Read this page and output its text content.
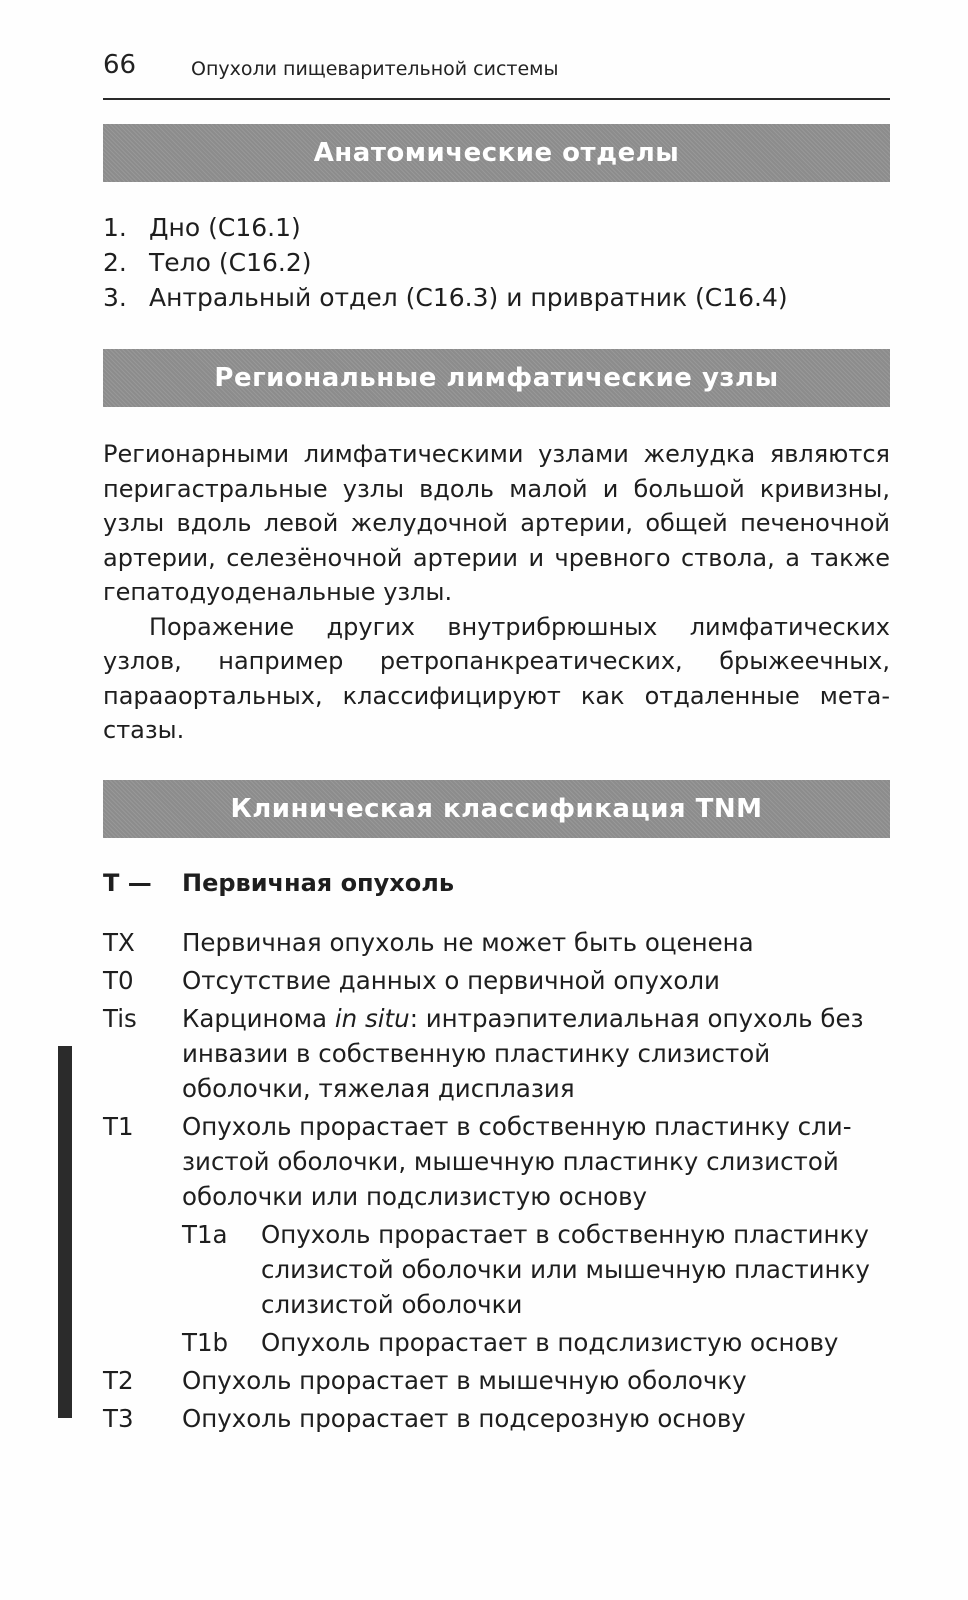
66	Опухоли пищеварительной системы
Анатомические отделы
1. Дно (С16.1)
2. Тело (С16.2)
3. Антральный отдел (С16.3) и привратник (С16.4)
Региональные лимфатические узлы

Регионарными лимфатическими узлами желудка являются перигастральные узлы вдоль малой и большой кривизны, узлы вдоль левой желудочной артерии, общей печеночной артерии, селезёночной артерии и чревного ствола, а также гепатодуоденальные узлы.

Поражение других внутрибрюшных лимфатических узлов, например ретропанкреатических, брыжеечных, парааортальных, классифицируют как отдаленные метастазы.

Клиническая классификация TNM
T —	Первичная опухоль
TX	Первичная опухоль не может быть оценена
T0	Отсутствие данных о первичной опухоли
Tis	Карцинома in situ: интраэпителиальная опухоль без инвазии в собственную пластинку слизистой оболочки, тяжелая дисплазия
T1	Опухоль прорастает в собственную пластинку слизистой оболочки, мышечную пластинку слизистой оболочки или подслизистую основу
T1a	Опухоль прорастает в собственную пластинку слизистой оболочки или мышечную пластинку слизистой оболочки
T1b	Опухоль прорастает в подслизистую основу
T2	Опухоль прорастает в мышечную оболочку
T3	Опухоль прорастает в подсерозную основу
